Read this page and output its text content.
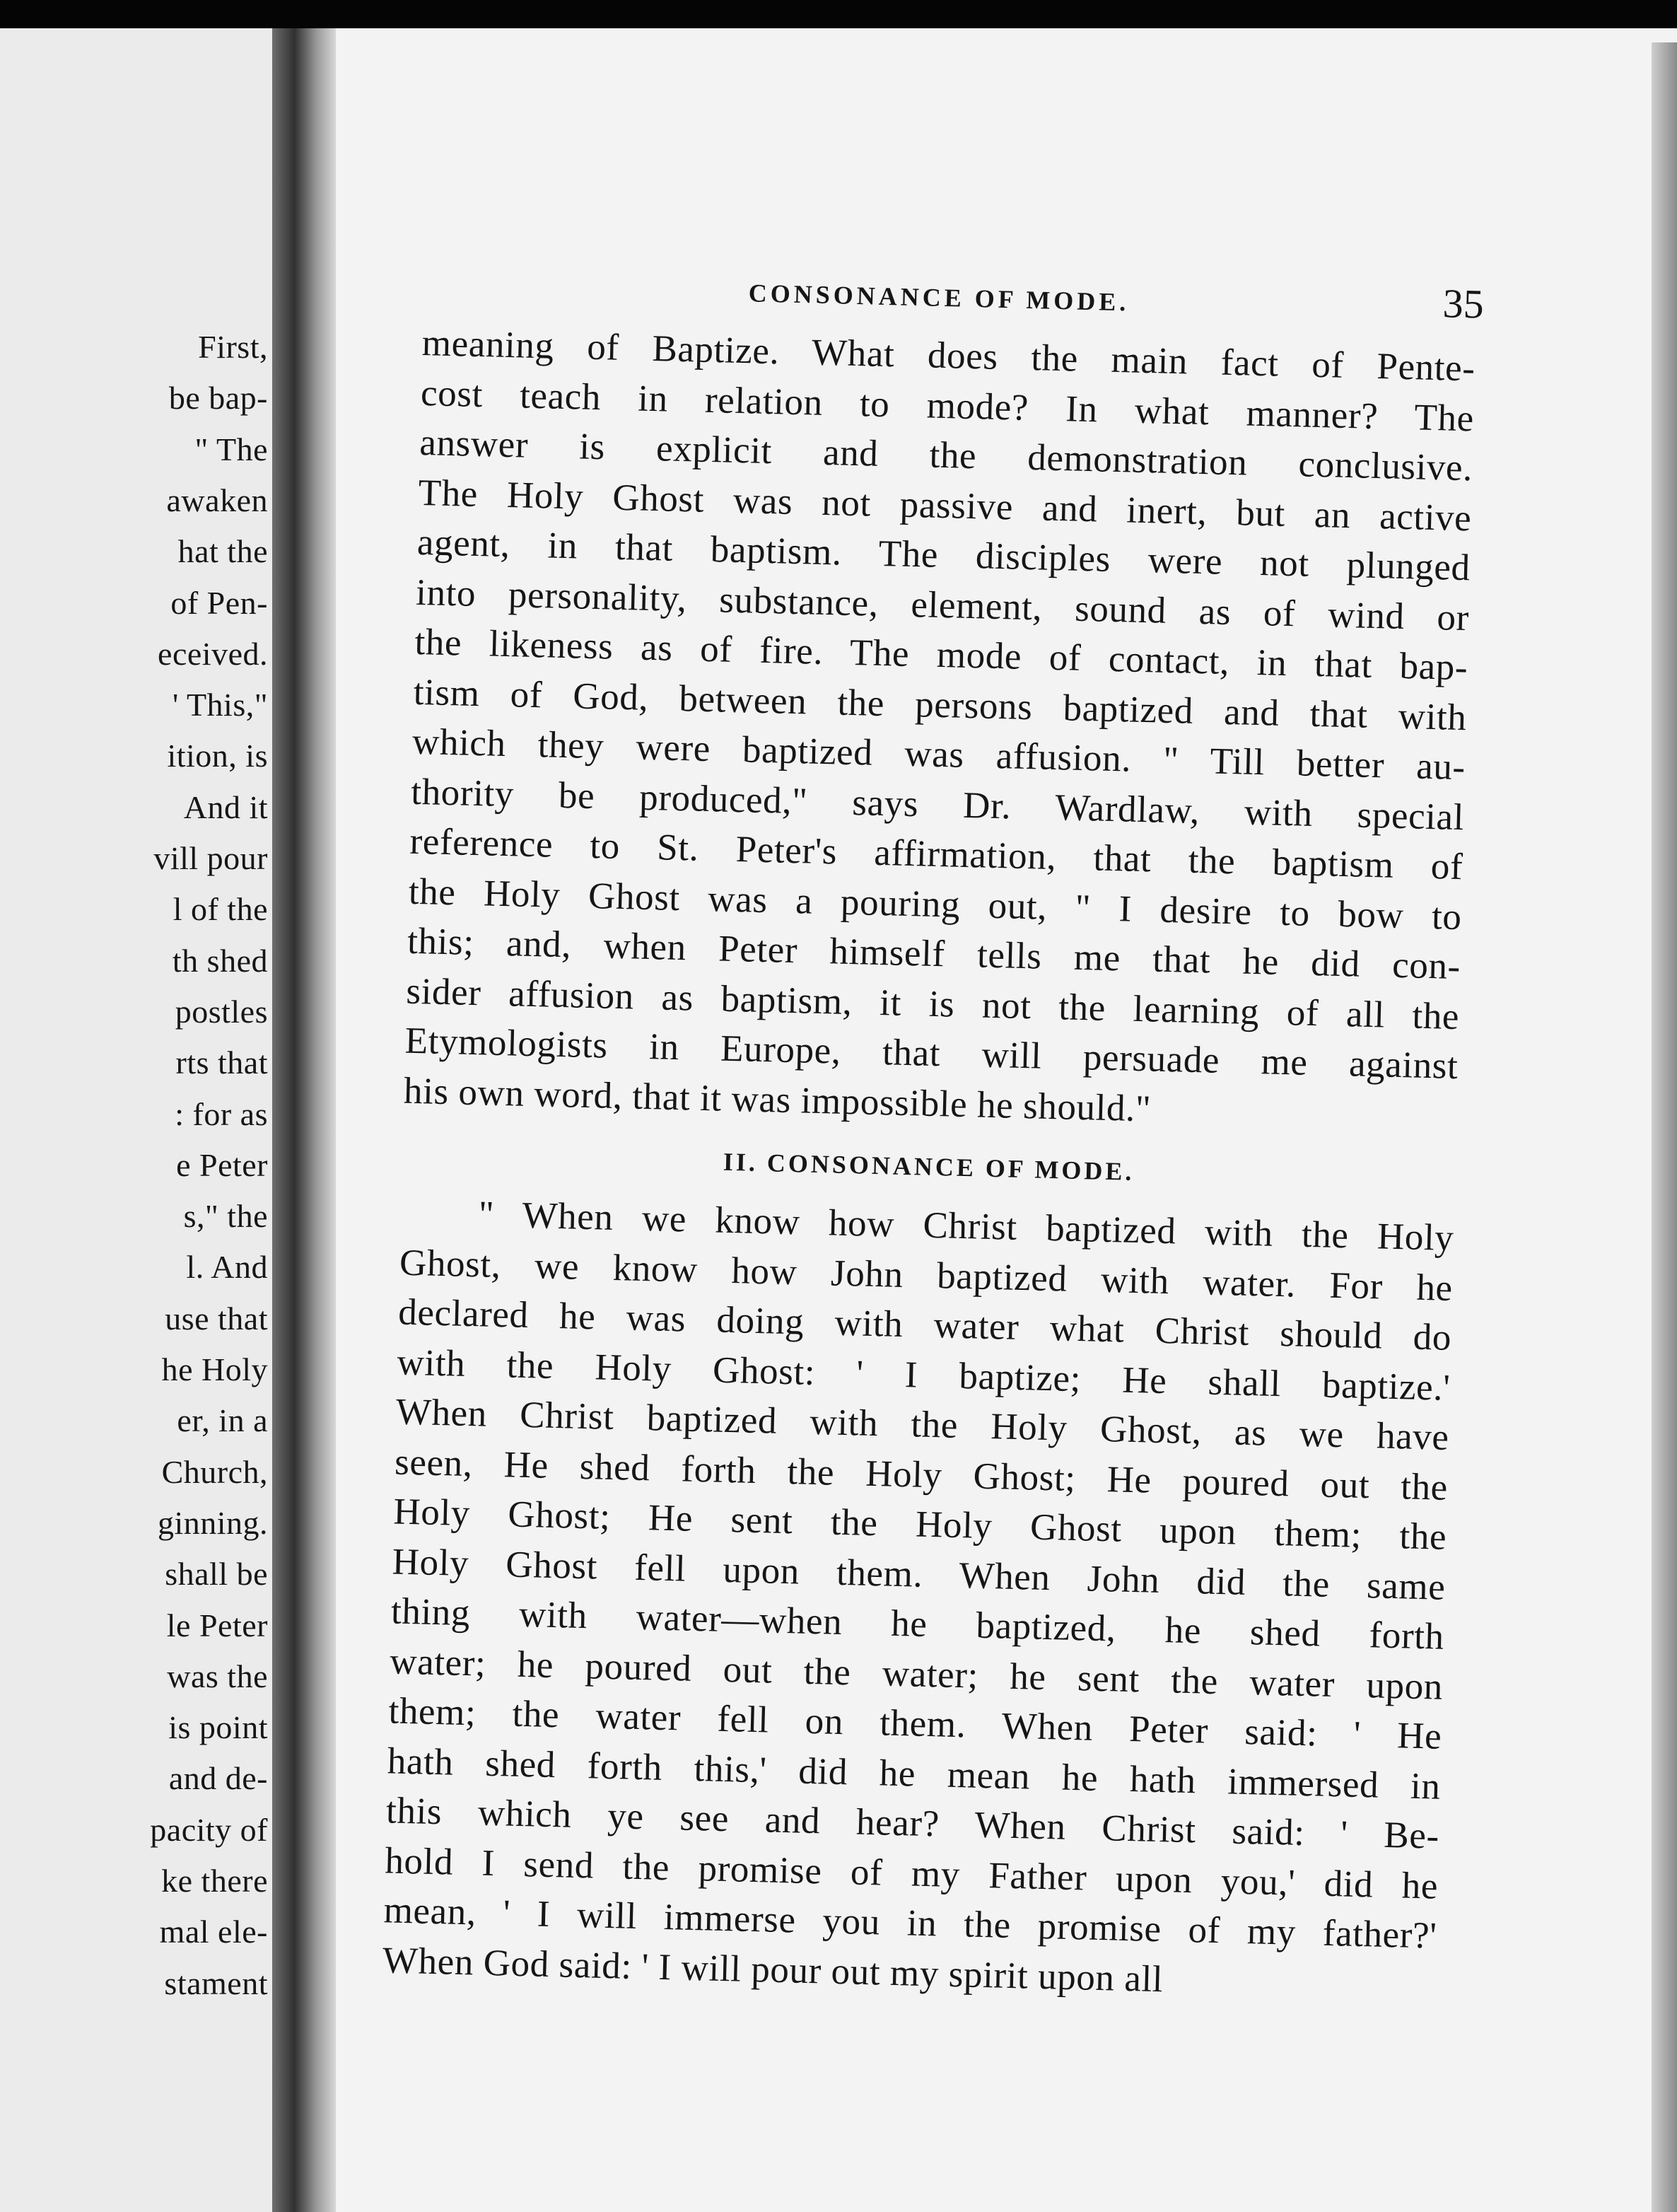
First,
be bap-
" The
awaken
hat the
of Pen-
eceived.
' This,"
ition, is
And it
vill pour
l of the
th shed
postles
rts that
: for as
e Peter
s," the
l. And
use that
he Holy
er, in a
Church,
ginning.
shall be
le Peter
was the
is point
and de-
pacity of
ke there
mal ele-
stament
CONSONANCE OF MODE.	35
meaning of Baptize. What does the main fact of Pente-
cost teach in relation to mode? In what manner? The
answer is explicit and the demonstration conclusive.
The Holy Ghost was not passive and inert, but an active
agent, in that baptism. The disciples were not plunged
into personality, substance, element, sound as of wind or
the likeness as of fire. The mode of contact, in that bap-
tism of God, between the persons baptized and that with
which they were baptized was affusion. " Till better au-
thority be produced," says Dr. Wardlaw, with special
reference to St. Peter's affirmation, that the baptism of
the Holy Ghost was a pouring out, " I desire to bow to
this; and, when Peter himself tells me that he did con-
sider affusion as baptism, it is not the learning of all the
Etymologists in Europe, that will persuade me against
his own word, that it was impossible he should."
II. CONSONANCE OF MODE.
" When we know how Christ baptized with the Holy
Ghost, we know how John baptized with water. For he
declared he was doing with water what Christ should do
with the Holy Ghost: ' I baptize; He shall baptize.'
When Christ baptized with the Holy Ghost, as we have
seen, He shed forth the Holy Ghost; He poured out the
Holy Ghost; He sent the Holy Ghost upon them; the
Holy Ghost fell upon them. When John did the same
thing with water—when he baptized, he shed forth
water; he poured out the water; he sent the water upon
them; the water fell on them. When Peter said: ' He
hath shed forth this,' did he mean he hath immersed in
this which ye see and hear? When Christ said: ' Be-
hold I send the promise of my Father upon you,' did he
mean, ' I will immerse you in the promise of my father?'
When God said: ' I will pour out my spirit upon all
